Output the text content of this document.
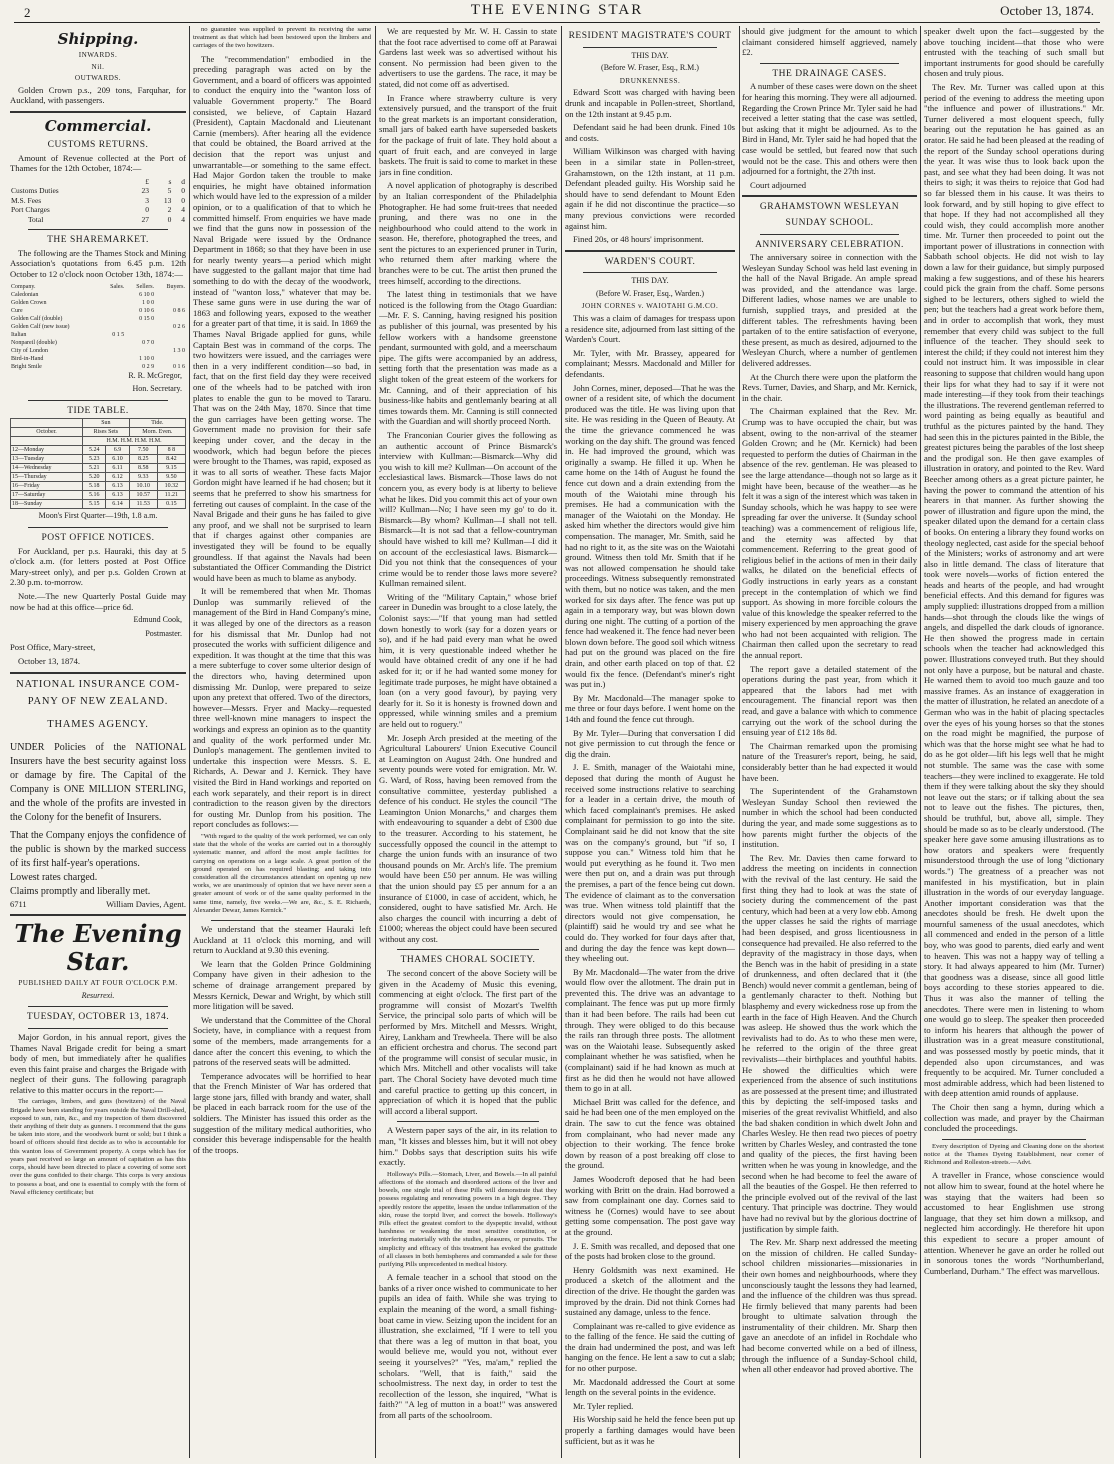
2	THE EVENING STAR	October 13, 1874.
Shipping.
INWARDS.
Nil.
OUTWARDS.

Golden Crown p.s., 209 tons, Farquhar, for Auckland, with passengers.

Commercial.
CUSTOMS RETURNS.

Amount of Revenue collected at the Port of Thames for the 12th October, 1874:—

	£	s	d
Customs Duties	23	5	0
M.S. Fees	3	13	0
Port Charges	0	2	4
Total	27	0	4
THE SHAREMARKET.

The following are the Thames Stock and Mining Association's quotations from 6.45 p.m. 12th October to 12 o'clock noon October 13th, 1874:—

Company.	Sales.	Sellers.	Buyers.
Caledonian		6 10 0	
Golden Crown		1 0 0	
Cure		0 10 6	0 8 6
Golden Calf (double)		0 15 0	
Golden Calf (new issue)			0 2 6
Italian	0 1 5		
Nonpareil (double)		0 7 0	
City of London			1 3 0
Bird-in-Hand		1 10 0	
Bright Smile		0 2 9	0 1 6
R. R. McGregor,
Hon. Secretary.
TIDE TABLE.
	Sun		Tide.	
October.	Rises Sets		Morn. Even.	
	H.M. H.M. H.M. H.M.			
12—Monday	5.24	6.9	7.50	8 8
13—Tuesday	5.23	6.10	8.25	8.42
14—Wednesday	5.21	6.11	8.58	9.15
15—Thursday	5.20	6.12	9.33	9.50
16—Friday	5.18	6.13	10.10	10.32
17—Saturday	5.16	6.13	10.57	11.21
18—Sunday	5.15	6.14	11.53	0.15
Moon's First Quarter—19th, 1.8 a.m.
POST OFFICE NOTICES.

For Auckland, per p.s. Hauraki, this day at 5 o'clock a.m. (for letters posted at Post Office Mary-street only), and per p.s. Golden Crown at 2.30 p.m. to-morrow.

Note.—The new Quarterly Postal Guide may now be had at this office—price 6d.

Edmund Cook,
Postmaster.

Post Office, Mary-street,

October 13, 1874.

NATIONAL INSURANCE COM-
PANY OF NEW ZEALAND.
THAMES AGENCY.
UNDER Policies of the NATIONAL Insurers have the best security against loss or damage by fire. The Capital of the Company is ONE MILLION STERLING, and the whole of the profits are invested in the Colony for the benefit of Insurers.
That the Company enjoys the confidence of the public is shown by the marked success of its first half-year's operations.
Lowest rates charged.
Claims promptly and liberally met.
6711	William Davies, Agent.
The Evening Star.
PUBLISHED DAILY AT FOUR O'CLOCK P.M.
Resurrexi.
TUESDAY, OCTOBER 13, 1874.

Major Gordon, in his annual report, gives the Thames Naval Brigade credit for being a smart body of men, but immediately after he qualifies even this faint praise and charges the Brigade with neglect of their guns. The following paragraph relative to this matter occurs in the report:—

The carriages, limbers, and guns (howitzers) of the Naval Brigade have been standing for years outside the Naval Drill-shed, exposed to sun, rain, &c., and my inspection of them discovered their anything of their duty as gunners. I recommend that the guns be taken into store, and the woodwork burnt or sold; but I think a board of officers should first decide as to who is accountable for this wanton loss of Government property. A corps which has for years past received so large an amount of capitation as has this corps, should have been directed to place a covering of some sort over the guns confided to their charge. This corps is very anxious to possess a boat, and one is essential to comply with the form of Naval efficiency certificate; but

no guarantee was supplied to prevent its receiving the same treatment as that which had been bestowed upon the limbers and carriages of the two howitzers.

The "recommendation" embodied in the preceding paragraph was acted on by the Government, and a board of officers was appointed to conduct the enquiry into the "wanton loss of valuable Government property." The Board consisted, we believe, of Captain Hazard (President), Captain Macdonald and Lieutenant Carnie (members). After hearing all the evidence that could be obtained, the Board arrived at the decision that the report was unjust and unwarrantable—or something to the same effect. Had Major Gordon taken the trouble to make enquiries, he might have obtained information which would have led to the expression of a milder opinion, or to a qualification of that to which he committed himself. From enquiries we have made we find that the guns now in possession of the Naval Brigade were issued by the Ordnance Department in 1868; so that they have been in use for nearly twenty years—a period which might have suggested to the gallant major that time had something to do with the decay of the woodwork, instead of "wanton loss," whatever that may be. These same guns were in use during the war of 1863 and following years, exposed to the weather for a greater part of that time, it is said. In 1869 the Thames Naval Brigade applied for guns, while Captain Best was in command of the corps. The two howitzers were issued, and the carriages were then in a very indifferent condition—so bad, in fact, that on the first field day they were received one of the wheels had to be patched with iron plates to enable the gun to be moved to Tararu. That was on the 24th May, 1870. Since that time the gun carriages have been getting worse. The Government made no provision for their safe keeping under cover, and the decay in the woodwork, which had begun before the pieces were brought to the Thames, was rapid, exposed as it was to all sorts of weather. These facts Major Gordon might have learned if he had chosen; but it seems that he preferred to show his smartness for ferreting out causes of complaint. In the case of the Naval Brigade and their guns he has failed to give any proof, and we shall not be surprised to learn that if charges against other companies are investigated they will be found to be equally groundless. If that against the Navals had been substantiated the Officer Commanding the District would have been as much to blame as anybody.

It will be remembered that when Mr. Thomas Dunlop was summarily relieved of the management of the Bird in Hand Company's mine, it was alleged by one of the directors as a reason for his dismissal that Mr. Dunlop had not prosecuted the works with sufficient diligence and expedition. It was thought at the time that this was a mere subterfuge to cover some ulterior design of the directors who, having determined upon dismissing Mr. Dunlop, were prepared to seize upon any pretext that offered. Two of the directors, however—Messrs. Fryer and Macky—requested three well-known mine managers to inspect the workings and express an opinion as to the quantity and quality of the work performed under Mr. Dunlop's management. The gentlemen invited to undertake this inspection were Messrs. S. E. Richards, A. Dewar and J. Kernick. They have visited the Bird in Hand workings and reported on each work separately, and their report is in direct contradiction to the reason given by the directors for ousting Mr. Dunlop from his position. The report concludes as follows:—

"With regard to the quality of the work performed, we can only state that the whole of the works are carried out in a thoroughly systematic manner, and afford the most ample facilities for carrying on operations on a large scale. A great portion of the ground operated on has required blasting; and taking into consideration all the circumstances attendant on opening up new works, we are unanimously of opinion that we have never seen a greater amount of work or of the same quality performed in the same time, namely, five weeks.—We are, &c., S. E. Richards, Alexander Dewar, James Kernick."

We understand that the steamer Hauraki left Auckland at 11 o'clock this morning, and will return to Auckland at 9.30 this evening.

We learn that the Golden Prince Goldmining Company have given in their adhesion to the scheme of drainage arrangement prepared by Messrs Kernick, Dewar and Wright, by which still more litigation will be saved.

We understand that the Committee of the Choral Society, have, in compliance with a request from some of the members, made arrangements for a dance after the concert this evening, to which the patrons of the reserved seats will be admitted.

Temperance advocates will be horrified to hear that the French Minister of War has ordered that large stone jars, filled with brandy and water, shall be placed in each barrack room for the use of the soldiers. The Minister has issued this order as the suggestion of the military medical authorities, who consider this beverage indispensable for the health of the troops.

We are requested by Mr. W. H. Cassin to state that the foot race advertised to come off at Parawai Gardens last week was so advertised without his consent. No permission had been given to the advertisers to use the gardens. The race, it may be stated, did not come off as advertised.

In France where strawberry culture is very extensively pursued, and the transport of the fruit to the great markets is an important consideration, small jars of baked earth have superseded baskets for the package of fruit of late. They hold about a quart of fruit each, and are conveyed in large baskets. The fruit is said to come to market in these jars in fine condition.

A novel application of photography is described by an Italian correspondent of the Philadelphia Photographer. He had some fruit-trees that needed pruning, and there was no one in the neighbourhood who could attend to the work in season. He, therefore, photographed the trees, and sent the pictures to an experienced pruner in Turin, who returned them after marking where the branches were to be cut. The artist then pruned the trees himself, according to the directions.

The latest thing in testimonials that we have noticed is the following from the Otago Guardian:—Mr. F. S. Canning, having resigned his position as publisher of this journal, was presented by his fellow workers with a handsome greenstone pendant, surmounted with gold, and a meerschaum pipe. The gifts were accompanied by an address, setting forth that the presentation was made as a slight token of the great esteem of the workers for Mr. Canning, and of their appreciation of his business-like habits and gentlemanly bearing at all times towards them. Mr. Canning is still connected with the Guardian and will shortly proceed North.

The Franconian Courier gives the following as an authentic account of Prince Bismarck's interview with Kullman:—Bismarck—Why did you wish to kill me? Kullman—On account of the ecclesiastical laws. Bismarck—Those laws do not concern you, as every body is at liberty to believe what he likes. Did you commit this act of your own will? Kullman—No; I have seen my go' to do it. Bismarck—By whom? Kullman—I shall not tell. Bismarck—It is not sad that a fellow-countryman should have wished to kill me? Kullman—I did it on account of the ecclesiastical laws. Bismarck—Did you not think that the consequences of your crime would be to render those laws more severe? Kullman remained silent.

Writing of the "Military Captain," whose brief career in Dunedin was brought to a close lately, the Colonist says:—"If that young man had settled down honestly to work (say for a dozen years or so), and if he had paid every man what he owed him, it is very questionable indeed whether he would have obtained credit of any one if he had asked for it; or if he had wanted some money for legitimate trade purposes, he might have obtained a loan (on a very good favour), by paying very dearly for it. So it is honesty is frowned down and oppressed, while winning smiles and a premium are held out to roguery."

Mr. Joseph Arch presided at the meeting of the Agricultural Labourers' Union Executive Council at Leamington on August 24th. One hundred and seventy pounds were voted for emigration. Mr. W. G. Ward, of Ross, having been removed from the consultative committee, yesterday published a defence of his conduct. He styles the council "The Leamington Union Monarchs," and charges them with endeavouring to squander a debt of £300 due to the treasurer. According to his statement, he successfully opposed the council in the attempt to charge the union funds with an insurance of two thousand pounds on Mr. Arch's life. The premium would have been £50 per annum. He was willing that the union should pay £5 per annum for a an insurance of £1000, in case of accident, which, he considered, ought to have satisfied Mr. Arch. He also charges the council with incurring a debt of £1000; whereas the object could have been secured without any cost.

THAMES CHORAL SOCIETY.

The second concert of the above Society will be given in the Academy of Music this evening, commencing at eight o'clock. The first part of the programme will consist of Mozart's Twelfth Service, the principal solo parts of which will be performed by Mrs. Mitchell and Messrs. Wright, Airey, Lankham and Trewheela. There will be also an efficient orchestra and chorus. The second part of the programme will consist of secular music, in which Mrs. Mitchell and other vocalists will take part. The Choral Society have devoted much time and careful practice to getting up this concert, in appreciation of which it is hoped that the public will accord a liberal support.

A Western paper says of the air, in its relation to man, "It kisses and blesses him, but it will not obey him." Dobbs says that description suits his wife exactly.

Holloway's Pills.—Stomach, Liver, and Bowels.—In all painful affections of the stomach and disordered actions of the liver and bowels, one single trial of these Pills will demonstrate that they possess regulating and renovating powers in a high degree. They speedily restore the appetite, lessen the undue inflammation of the skin, rouse the torpid liver, and correct the bowels. Holloway's Pills effect the greatest comfort to the dyspeptic invalid, without harshness or weakening the most sensitive constitution, or interfering materially with the studies, pleasures, or pursuits. The simplicity and efficacy of this treatment has evoked the gratitude of all classes in both hemispheres and commanded a sale for these purifying Pills unprecedented in medical history.

A female teacher in a school that stood on the banks of a river once wished to communicate to her pupils an idea of faith. While she was trying to explain the meaning of the word, a small fishing-boat came in view. Seizing upon the incident for an illustration, she exclaimed, "If I were to tell you that there was a leg of mutton in that boat, you would believe me, would you not, without ever seeing it yourselves?" "Yes, ma'am," replied the scholars. "Well, that is faith," said the schoolmistress. The next day, in order to test the recollection of the lesson, she inquired, "What is faith?" "A leg of mutton in a boat!" was answered from all parts of the schoolroom.

RESIDENT MAGISTRATE'S COURT
THIS DAY.
(Before W. Fraser, Esq., R.M.)
DRUNKENNESS.

Edward Scott was charged with having been drunk and incapable in Pollen-street, Shortland, on the 12th instant at 9.45 p.m.

Defendant said he had been drunk. Fined 10s and costs.

William Wilkinson was charged with having been in a similar state in Pollen-street, Grahamstown, on the 12th instant, at 11 p.m. Defendant pleaded guilty. His Worship said he should have to send defendant to Mount Eden again if he did not discontinue the practice—so many previous convictions were recorded against him.

Fined 20s, or 48 hours' imprisonment.

WARDEN'S COURT.
THIS DAY.
(Before W. Fraser, Esq., Warden.)
JOHN CORNES v. WAIOTAHI G.M.CO.

This was a claim of damages for trespass upon a residence site, adjourned from last sitting of the Warden's Court.

Mr. Tyler, with Mr. Brassey, appeared for complainant; Messrs. Macdonald and Miller for defendants.

John Cornes, miner, deposed—That he was the owner of a resident site, of which the document produced was the title. He was living upon that site. He was residing in the Queen of Beauty. At the time the grievance commenced he was working on the day shift. The ground was fenced in. He had improved the ground, which was originally a swamp. He filled it up. When he came home on the 14th of August he found the fence cut down and a drain extending from the mouth of the Waiotahi mine through his premises. He had a communication with the manager of the Waiotahi on the Monday. He asked him whether the directors would give him compensation. The manager, Mr. Smith, said he had no right to it, as the site was on the Waiotahi ground. Witness then told Mr. Smith that if he was not allowed compensation he should take proceedings. Witness subsequently remonstrated with them, but no notice was taken, and the men worked for six days after. The fence was put up again in a temporary way, but was blown down during one night. The cutting of a portion of the fence had weakened it. The fence had never been blown down before. The good soil which witness had put on the ground was placed on the fire drain, and other earth placed on top of that. £2 would fix the fence. (Defendant's miner's right was put in.)

By Mr. Macdonald—The manager spoke to me three or four days before. I went home on the 14th and found the fence cut through.

By Mr. Tyler—During that conversation I did not give permission to cut through the fence or dig the drain.

J. E. Smith, manager of the Waiotahi mine, deposed that during the month of August he received some instructions relative to searching for a leader in a certain drive, the mouth of which faced complainant's premises. He asked complainant for permission to go into the site. Complainant said he did not know that the site was on the company's ground, but "if so, I suppose you can." Witness told him that he would put everything as he found it. Two men were then put on, and a drain was put through the premises, a part of the fence being cut down. The evidence of claimant as to the conversation was true. When witness told plaintiff that the directors would not give compensation, he (plaintiff) said he would try and see what he could do. They worked for four days after that, and during the day the fence was kept down—they wheeling out.

By Mr. Macdonald—The water from the drive would flow over the allotment. The drain put in prevented this. The drive was an advantage to complainant. The fence was put up more firmly than it had been before. The rails had been cut through. They were obliged to do this because the rails ran through three posts. The allotment was on the Waiotahi lease. Subsequently asked complainant whether he was satisfied, when he (complainant) said if he had known as much at first as he did then he would not have allowed them to go in at all.

Michael Britt was called for the defence, and said he had been one of the men employed on the drain. The saw to cut the fence was obtained from complainant, who had never made any objection to their working. The fence broke down by reason of a post breaking off close to the ground.

James Woodcroft deposed that he had been working with Britt on the drain. Had borrowed a saw from complainant one day. Cornes said to witness he (Cornes) would have to see about getting some compensation. The post gave way at the ground.

J. E. Smith was recalled, and deposed that one of the posts had broken close to the ground.

Henry Goldsmith was next examined. He produced a sketch of the allotment and the direction of the drive. He thought the garden was improved by the drain. Did not think Cornes had sustained any damage, unless to the fence.

Complainant was re-called to give evidence as to the falling of the fence. He said the cutting of the drain had undermined the post, and was left hanging on the fence. He lent a saw to cut a slab; for no other purpose.

Mr. Macdonald addressed the Court at some length on the several points in the evidence.

Mr. Tyler replied.

His Worship said he held the fence been put up properly a farthing damages would have been sufficient, but as it was he

should give judgment for the amount to which claimant considered himself aggrieved, namely £2.

THE DRAINAGE CASES.

A number of these cases were down on the sheet for hearing this morning. They were all adjourned. Regarding the Crown Prince Mr. Tyler said he had received a letter stating that the case was settled, but asking that it might be adjourned. As to the Bird in Hand, Mr. Tyler said he had hoped that the case would be settled, but feared now that such would not be the case. This and others were then adjourned for a fortnight, the 27th inst.

Court adjourned

GRAHAMSTOWN WESLEYAN
SUNDAY SCHOOL.
ANNIVERSARY CELEBRATION.

The anniversary soiree in connection with the Wesleyan Sunday School was held last evening in the hall of the Naval Brigade. An ample spread was provided, and the attendance was large. Different ladies, whose names we are unable to furnish, supplied trays, and presided at the different tables. The refreshments having been partaken of to the entire satisfaction of everyone, these present, as much as desired, adjourned to the Wesleyan Church, where a number of gentlemen delivered addresses.

At the Church there were upon the platform the Revs. Turner, Davies, and Sharp, and Mr. Kernick, in the chair.

The Chairman explained that the Rev. Mr. Crump was to have occupied the chair, but was absent, owing to the non-arrival of the steamer Golden Crown; and he (Mr. Kernick) had been requested to perform the duties of Chairman in the absence of the rev. gentleman. He was pleased to see the large attendance—though not so large as it might have been, because of the weather—as he felt it was a sign of the interest which was taken in Sunday schools, which he was happy to see were spreading far over the universe. It (Sunday school teaching) was a commencement of religious life, and the eternity was affected by that commencement. Referring to the great good of religious belief in the actions of men in their daily walks, he dilated on the beneficial effects of Godly instructions in early years as a constant precept in the contemplation of which we find support. As showing in more forcible colours the value of this knowledge the speaker referred to the misery experienced by men approaching the grave who had not been acquainted with religion. The Chairman then called upon the secretary to read the annual report.

The report gave a detailed statement of the operations during the past year, from which it appeared that the labors had met with encouragement. The financial report was then read, and gave a balance with which to commence carrying out the work of the school during the ensuing year of £12 18s 8d.

The Chairman remarked upon the promising nature of the Treasurer's report, being, he said, considerably better than he had expected it would have been.

The Superintendent of the Grahamstown Wesleyan Sunday School then reviewed the number in which the school had been conducted during the year, and made some suggestions as to how parents might further the objects of the institution.

The Rev. Mr. Davies then came forward to address the meeting on incidents in connection with the revival of the last century. He said the first thing they had to look at was the state of society during the commencement of the past century, which had been at a very low ebb. Among the upper classes he said the rights of marriage had been despised, and gross licentiousness in consequence had prevailed. He also referred to the depravity of the magistracy in those days, when the Bench was in the habit of presiding in a state of drunkenness, and often declared that it (the Bench) would never commit a gentleman, being of a gentlemanly character to theft. Nothing but blasphemy and every wickedness rose up from the earth in the face of High Heaven. And the Church was asleep. He showed thus the work which the revivalists had to do. As to who these men were, he referred to the origin of the three great revivalists—their birthplaces and youthful habits. He showed the difficulties which were experienced from the absence of such institutions as are possessed at the present time; and illustrated this by depicting the self-imposed tasks and miseries of the great revivalist Whitfield, and also the bad shaken condition in which dwelt John and Charles Wesley. He then read two pieces of poetry written by Charles Wesley, and contrasted the tone and quality of the pieces, the first having been written when he was young in knowledge, and the second when he had become to feel the aware of all the beauties of the Gospel. He then referred to the principle evolved out of the revival of the last century. That principle was doctrine. They would have had no revival but by the glorious doctrine of justification by simple faith.

The Rev. Mr. Sharp next addressed the meeting on the mission of children. He called Sunday-school children missionaries—missionaries in their own homes and neighbourhoods, where they unconsciously taught the lessons they had learned, and the influence of the children was thus spread. He firmly believed that many parents had been brought to ultimate salvation through the instrumentality of their children. Mr. Sharp then gave an anecdote of an infidel in Rochdale who had become converted while on a bed of illness, through the influence of a Sunday-School child, when all other endeavor had proved abortive. The

speaker dwelt upon the fact—suggested by the above touching incident—that those who were entrusted with the teaching of such small but important instruments for good should be carefully chosen and truly pious.

The Rev. Mr. Turner was called upon at this period of the evening to address the meeting upon "the influence and power of illustrations." Mr. Turner delivered a most eloquent speech, fully bearing out the reputation he has gained as an orator. He said he had been pleased at the reading of the report of the Sunday school operations during the year. It was wise thus to look back upon the past, and see what they had been doing. It was not theirs to sigh; it was theirs to rejoice that God had so far blessed them in his cause. It was theirs to look forward, and by still hoping to give effect to that hope. If they had not accomplished all they could wish, they could accomplish more another time. Mr. Turner then proceeded to point out the important power of illustrations in connection with Sabbath school objects. He did not wish to lay down a law for their guidance, but simply purposed making a few suggestions, and of these his hearers could pick the grain from the chaff. Some persons sighed to be lecturers, others sighed to wield the pen; but the teachers had a great work before them, and in order to accomplish that work, they must remember that every child was subject to the full influence of the teacher. They should seek to interest the child; if they could not interest him they could not instruct him. It was impossible in clear reasoning to suppose that children would hang upon their lips for what they had to say if it were not made interesting—if they took from their teachings the illustrations. The reverend gentleman referred to word painting as being equally as beautiful and truthful as the pictures painted by the hand. They had seen this in the pictures painted in the Bible, the greatest pictures being the parables of the lost sheep and the prodigal son. He then gave examples of illustration in oratory, and pointed to the Rev. Ward Beecher among others as a great picture painter, he having the power to command the attention of his hearers in that manner. As further showing the power of illustration and figure upon the mind, the speaker dilated upon the demand for a certain class of books. On entering a library they found works on theology neglected, cast aside for the special behoof of the Ministers; works of astronomy and art were also in little demand. The class of literature that took were novels—works of fiction entered the heads and hearts of the people, and had wrought beneficial effects. And this demand for figures was amply supplied: illustrations dropped from a million hands—shot through the clouds like the wings of angels, and dispelled the dark clouds of ignorance. He then showed the progress made in certain schools when the teacher had acknowledged this power. Illustrations conveyed truth. But they should not only have a purpose, but be natural and chaste. He warned them to avoid too much gauze and too massive frames. As an instance of exaggeration in the matter of illustration, he related an anecdote of a German who was in the habit of placing spectacles over the eyes of his young horses so that the stones on the road might be magnified, the purpose of which was that the horse might see what he had to do as he got older—lift his legs well that he might not stumble. The same was the case with some teachers—they were inclined to exaggerate. He told them if they were talking about the sky they should not leave out the stars; or if talking about the sea not to leave out the fishes. The pictures, then, should be truthful, but, above all, simple. They should be made so as to be clearly understood. (The speaker here gave some amusing illustrations as to how orators and speakers were frequently misunderstood through the use of long "dictionary words.") The greatness of a preacher was not manifested in his mystification, but in plain illustration in the words of our everyday language. Another important consideration was that the anecdotes should be fresh. He dwelt upon the mournful sameness of the usual anecdotes, which all commenced and ended in the person of a little boy, who was good to parents, died early and went to heaven. This was not a happy way of telling a story. It had always appeared to him (Mr. Turner) that goodness was a disease, since all good little boys according to these stories appeared to die. Thus it was also the manner of telling the anecdotes. There were men in listening to whom one would go to sleep. The speaker then proceeded to inform his hearers that although the power of illustration was in a great measure constitutional, and was possessed mostly by poetic minds, that it depended also upon circumstances, and was frequently to be acquired. Mr. Turner concluded a most admirable address, which had been listened to with deep attention amid rounds of applause.

The Choir then sang a hymn, during which a collection was made, and prayer by the Chairman concluded the proceedings.

Every description of Dyeing and Cleaning done on the shortest notice at the Thames Dyeing Establishment, near corner of Richmond and Rolleston-streets.—Advt.

A traveller in France, whose conscience would not allow him to swear, found at the hotel where he was staying that the waiters had been so accustomed to hear Englishmen use strong language, that they set him down a milksop, and neglected him accordingly. He therefore hit upon this expedient to secure a proper amount of attention. Whenever he gave an order he rolled out in sonorous tones the words "Northumberland, Cumberland, Durham." The effect was marvellous.
